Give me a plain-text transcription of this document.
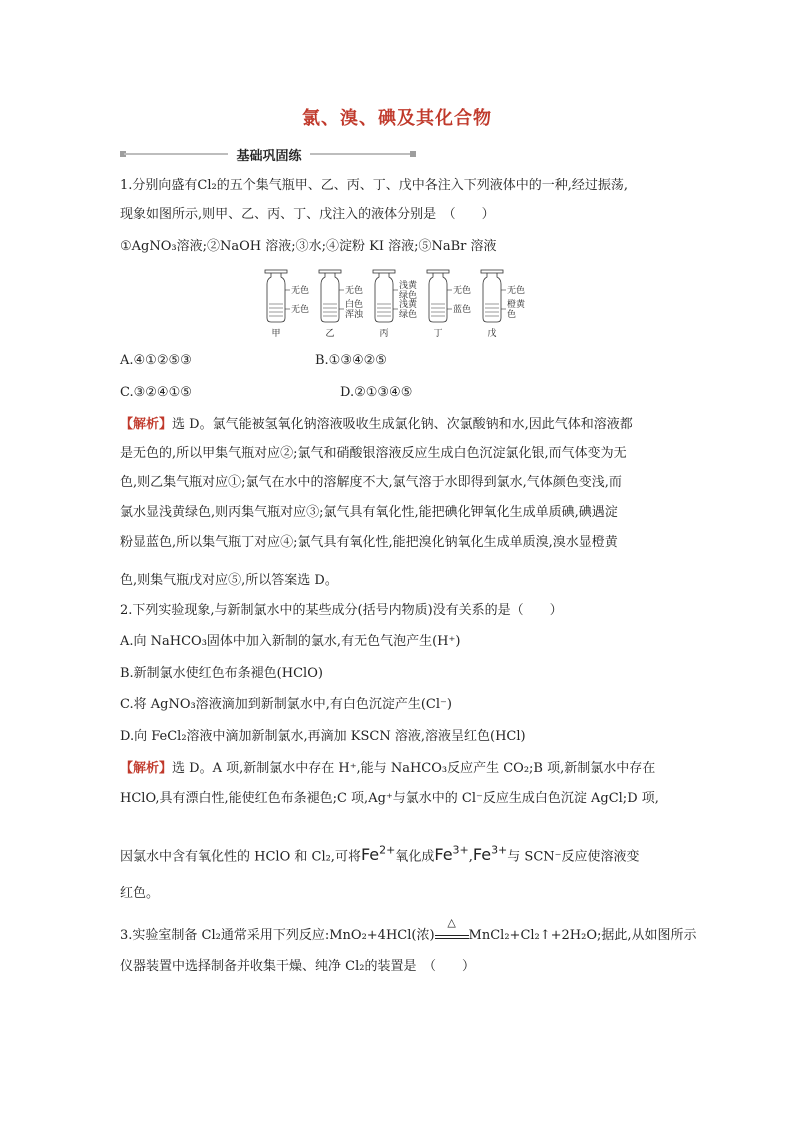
氯、溴、碘及其化合物
基础巩固练
1.分别向盛有Cl₂的五个集气瓶甲、乙、丙、丁、戊中各注入下列液体中的一种,经过振荡,
现象如图所示,则甲、乙、丙、丁、戊注入的液体分别是　（　　）
①AgNO₃溶液;②NaOH 溶液;③水;④淀粉 KI 溶液;⑤NaBr 溶液
无色
无色
甲
无色
白色
浑浊
乙
浅黄
绿色
浅黄
绿色
丙
无色
蓝色
丁
无色
橙黄
色
戊
A.④①②⑤③	B.①③④②⑤
C.③②④①⑤	D.②①③④⑤
【解析】选 D。氯气能被氢氧化钠溶液吸收生成氯化钠、次氯酸钠和水,因此气体和溶液都
是无色的,所以甲集气瓶对应②;氯气和硝酸银溶液反应生成白色沉淀氯化银,而气体变为无
色,则乙集气瓶对应①;氯气在水中的溶解度不大,氯气溶于水即得到氯水,气体颜色变浅,而
氯水显浅黄绿色,则丙集气瓶对应③;氯气具有氧化性,能把碘化钾氧化生成单质碘,碘遇淀
粉显蓝色,所以集气瓶丁对应④;氯气具有氧化性,能把溴化钠氧化生成单质溴,溴水显橙黄
色,则集气瓶戊对应⑤,所以答案选 D。
2.下列实验现象,与新制氯水中的某些成分(括号内物质)没有关系的是（　　）
A.向 NaHCO₃固体中加入新制的氯水,有无色气泡产生(H⁺)
B.新制氯水使红色布条褪色(HClO)
C.将 AgNO₃溶液滴加到新制氯水中,有白色沉淀产生(Cl⁻)
D.向 FeCl₂溶液中滴加新制氯水,再滴加 KSCN 溶液,溶液呈红色(HCl)
【解析】选 D。A 项,新制氯水中存在 H⁺,能与 NaHCO₃反应产生 CO₂;B 项,新制氯水中存在
HClO,具有漂白性,能使红色布条褪色;C 项,Ag⁺与氯水中的 Cl⁻反应生成白色沉淀 AgCl;D 项,
因氯水中含有氧化性的 HClO 和 Cl₂,可将$Fe^{2+}$氧化成$Fe^{3+},Fe^{3+}$与 SCN⁻反应使溶液变
红色。
3.实验室制备 Cl₂通常采用下列反应:MnO₂+4HCl(浓)
△
MnCl₂+Cl₂↑+2H₂O;据此,从如图所示
仪器装置中选择制备并收集干燥、纯净 Cl₂的装置是　（　　）
